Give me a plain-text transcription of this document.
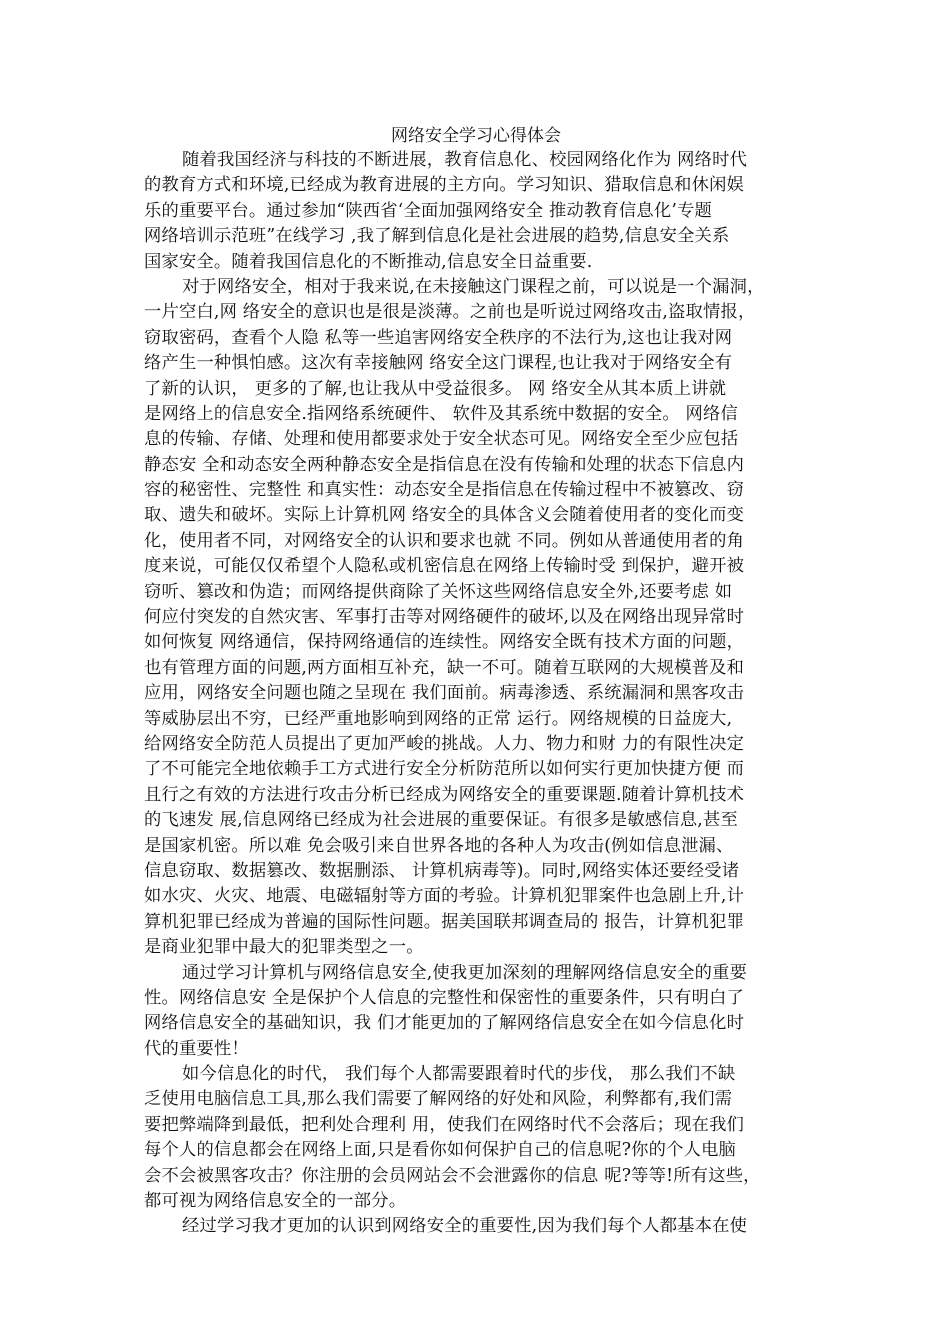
网络安全学习心得体会
随着我国经济与科技的不断进展，教育信息化、校园网络化作为 网络时代
的教育方式和环境,已经成为教育进展的主方向。学习知识、猎取信息和休闲娱
乐的重要平台。通过参加“陕西省‘全面加强网络安全 推动教育信息化’专题
网络培训示范班”在线学习 ,我了解到信息化是社会进展的趋势,信息安全关系
国家安全。随着我国信息化的不断推动,信息安全日益重要.
对于网络安全，相对于我来说,在未接触这门课程之前，可以说是一个漏洞，
一片空白,网 络安全的意识也是很是淡薄。之前也是听说过网络攻击,盗取情报，
窃取密码，查看个人隐 私等一些追害网络安全秩序的不法行为,这也让我对网
络产生一种惧怕感。这次有幸接触网 络安全这门课程,也让我对于网络安全有
了新的认识， 更多的了解,也让我从中受益很多。 网 络安全从其本质上讲就
是网络上的信息安全.指网络系统硬件、 软件及其系统中数据的安全。 网络信
息的传输、存储、处理和使用都要求处于安全状态可见。网络安全至少应包括
静态安 全和动态安全两种静态安全是指信息在没有传输和处理的状态下信息内
容的秘密性、完整性 和真实性：动态安全是指信息在传输过程中不被篡改、窃
取、遗失和破坏。实际上计算机网 络安全的具体含义会随着使用者的变化而变
化，使用者不同，对网络安全的认识和要求也就 不同。例如从普通使用者的角
度来说，可能仅仅希望个人隐私或机密信息在网络上传输时受 到保护，避开被
窃听、篡改和伪造；而网络提供商除了关怀这些网络信息安全外,还要考虑 如
何应付突发的自然灾害、军事打击等对网络硬件的破坏,以及在网络出现异常时
如何恢复 网络通信，保持网络通信的连续性。网络安全既有技术方面的问题，
也有管理方面的问题,两方面相互补充，缺一不可。随着互联网的大规模普及和
应用，网络安全问题也随之呈现在 我们面前。病毒渗透、系统漏洞和黑客攻击
等威胁层出不穷，已经严重地影响到网络的正常 运行。网络规模的日益庞大,
给网络安全防范人员提出了更加严峻的挑战。人力、物力和财 力的有限性决定
了不可能完全地依赖手工方式进行安全分析防范所以如何实行更加快捷方便 而
且行之有效的方法进行攻击分析已经成为网络安全的重要课题.随着计算机技术
的飞速发 展,信息网络已经成为社会进展的重要保证。有很多是敏感信息,甚至
是国家机密。所以难 免会吸引来自世界各地的各种人为攻击(例如信息泄漏、
信息窃取、数据篡改、数据删添、 计算机病毒等)。同时,网络实体还要经受诸
如水灾、火灾、地震、电磁辐射等方面的考验。计算机犯罪案件也急剧上升,计
算机犯罪已经成为普遍的国际性问题。据美国联邦调查局的 报告，计算机犯罪
是商业犯罪中最大的犯罪类型之一。
通过学习计算机与网络信息安全,使我更加深刻的理解网络信息安全的重要
性。网络信息安 全是保护个人信息的完整性和保密性的重要条件，只有明白了
网络信息安全的基础知识，我 们才能更加的了解网络信息安全在如今信息化时
代的重要性！
如今信息化的时代， 我们每个人都需要跟着时代的步伐， 那么我们不缺
乏使用电脑信息工具,那么我们需要了解网络的好处和风险，利弊都有,我们需
要把弊端降到最低，把利处合理利 用，使我们在网络时代不会落后；现在我们
每个人的信息都会在网络上面,只是看你如何保护自己的信息呢?你的个人电脑
会不会被黑客攻击？你注册的会员网站会不会泄露你的信息 呢?等等!所有这些，
都可视为网络信息安全的一部分。
经过学习我才更加的认识到网络安全的重要性,因为我们每个人都基本在使
